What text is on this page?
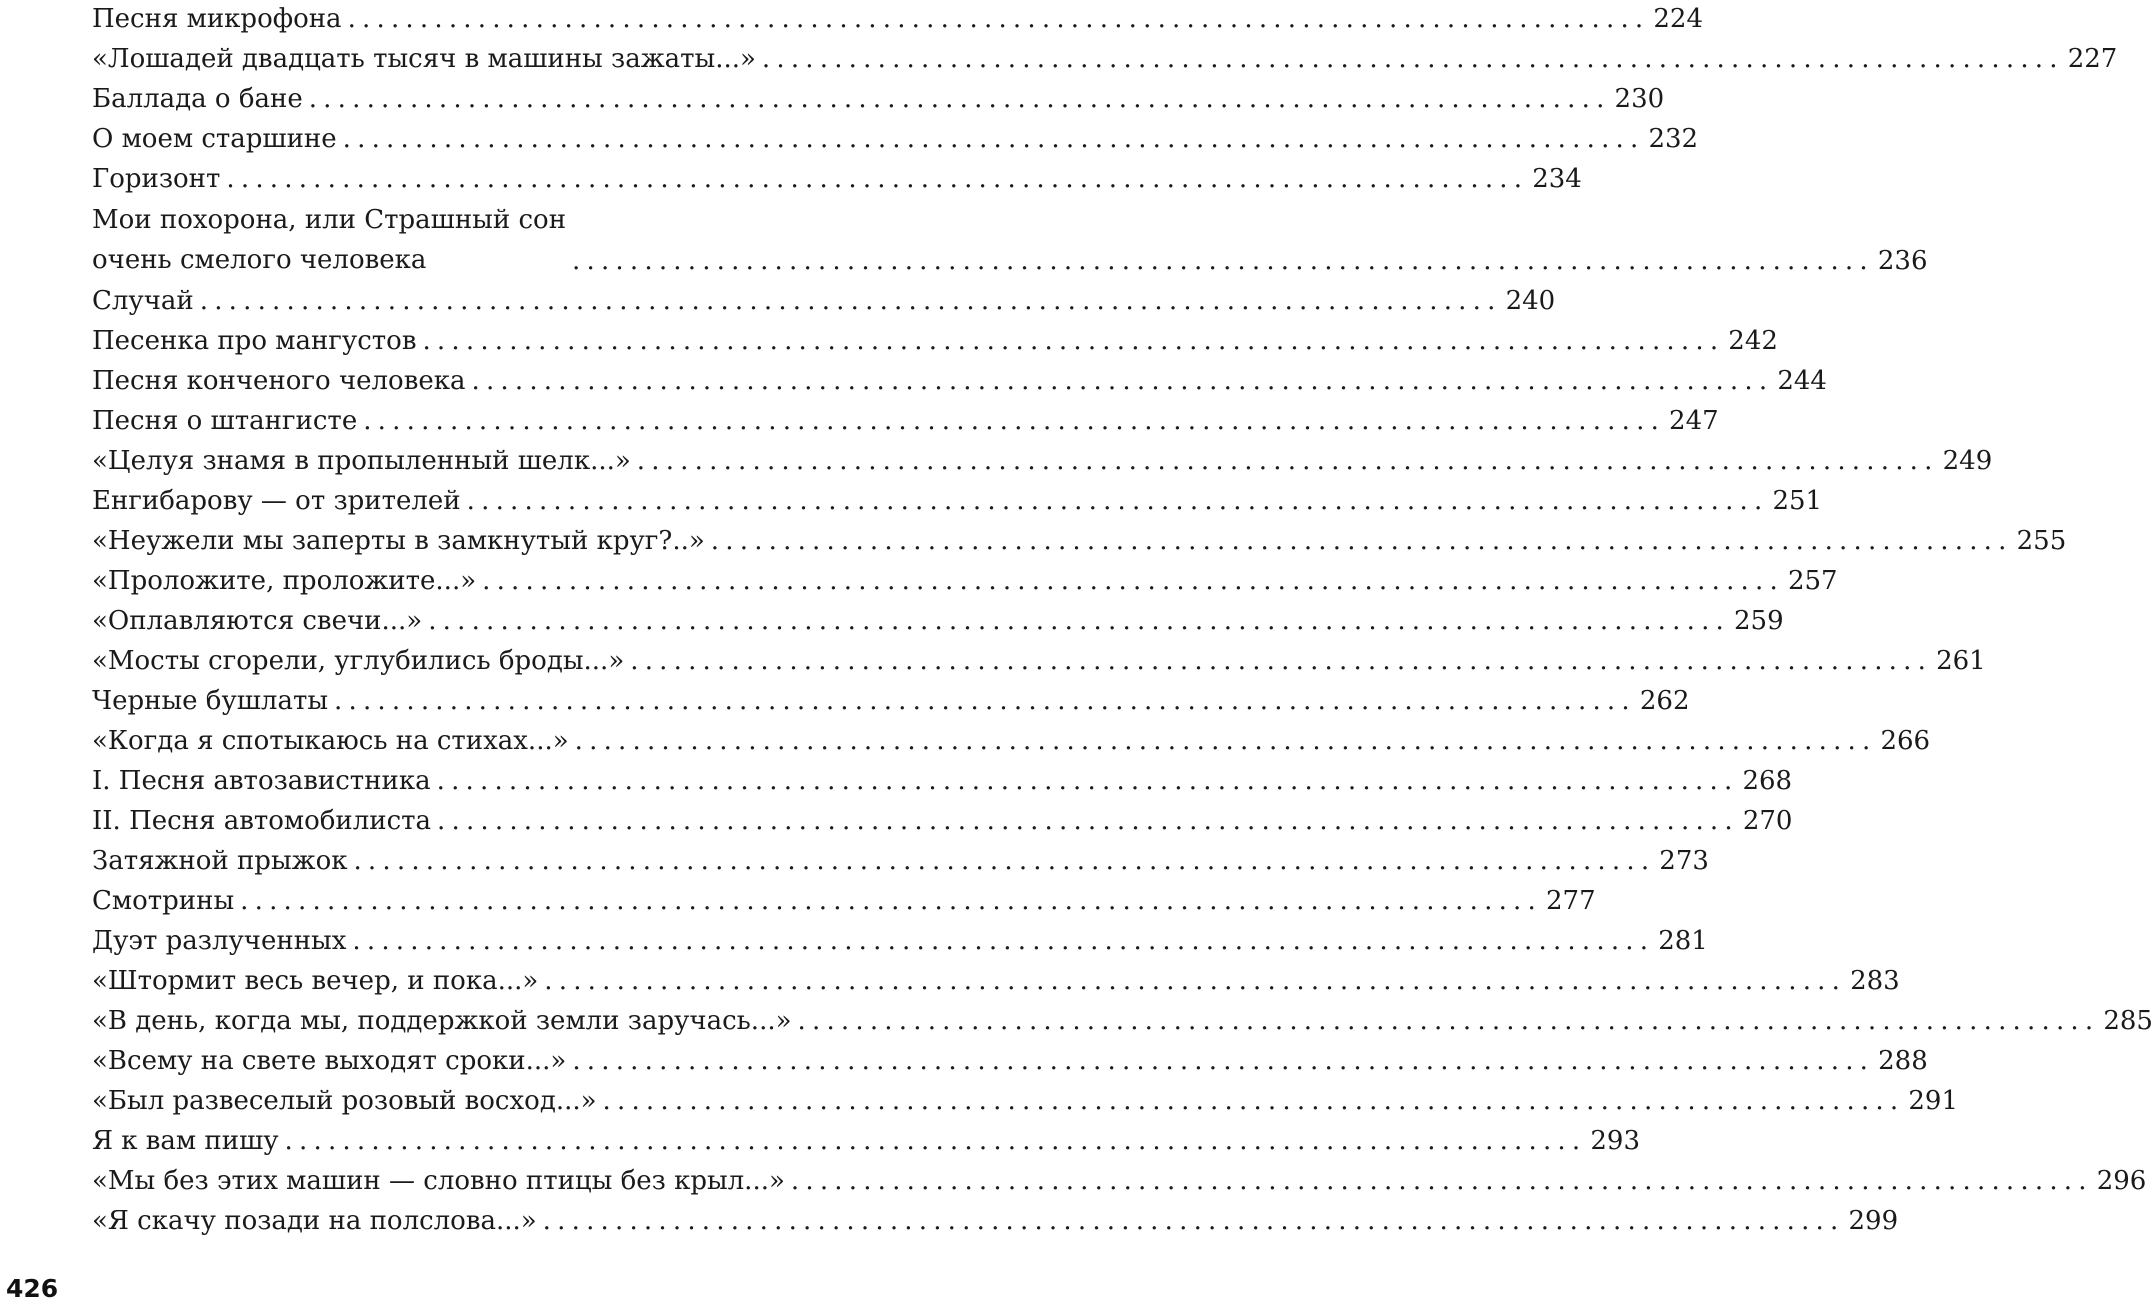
Песня микрофона .......................................................................................... 224
«Лошадей двадцать тысяч в машины зажаты...» .......................................................................................... 227
Баллада о бане .......................................................................................... 230
О моем старшине .......................................................................................... 232
Горизонт .......................................................................................... 234
Мои похорона, или Страшный сон
очень смелого человека	.......................................................................................... 236
Случай .......................................................................................... 240
Песенка про мангустов .......................................................................................... 242
Песня конченого человека .......................................................................................... 244
Песня о штангисте .......................................................................................... 247
«Целуя знамя в пропыленный шелк...» .......................................................................................... 249
Енгибарову — от зрителей .......................................................................................... 251
«Неужели мы заперты в замкнутый круг?..» .......................................................................................... 255
«Проложите, проложите...» .......................................................................................... 257
«Оплавляются свечи...» .......................................................................................... 259
«Мосты сгорели, углубились броды...» .......................................................................................... 261
Черные бушлаты .......................................................................................... 262
«Когда я спотыкаюсь на стихах...» .......................................................................................... 266
I. Песня автозавистника .......................................................................................... 268
II. Песня автомобилиста .......................................................................................... 270
Затяжной прыжок .......................................................................................... 273
Смотрины .......................................................................................... 277
Дуэт разлученных .......................................................................................... 281
«Штормит весь вечер, и пока...» .......................................................................................... 283
«В день, когда мы, поддержкой земли заручась...» .......................................................................................... 285
«Всему на свете выходят сроки...» .......................................................................................... 288
«Был развеселый розовый восход...» .......................................................................................... 291
Я к вам пишу .......................................................................................... 293
«Мы без этих машин — словно птицы без крыл...» .......................................................................................... 296
«Я скачу позади на полслова...» .......................................................................................... 299
426
